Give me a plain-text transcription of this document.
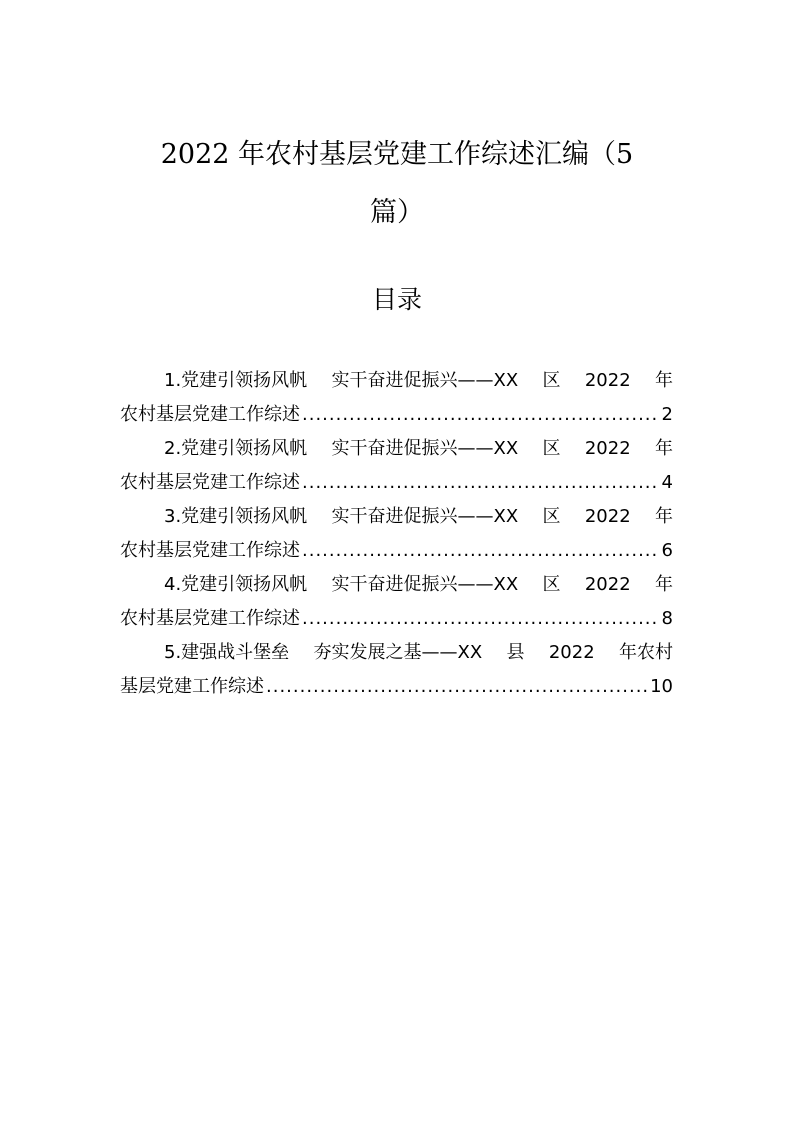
2022 年农村基层党建工作综述汇编（5
篇）
目录
1.党建引领扬风帆 实干奋进促振兴——XX 区 2022 年
农村基层党建工作综述 .....	2
2.党建引领扬风帆 实干奋进促振兴——XX 区 2022 年
农村基层党建工作综述 .....	4
3.党建引领扬风帆 实干奋进促振兴——XX 区 2022 年
农村基层党建工作综述 .....	6
4.党建引领扬风帆 实干奋进促振兴——XX 区 2022 年
农村基层党建工作综述 .....	8
5.建强战斗堡垒 夯实发展之基——XX 县 2022 年农村
基层党建工作综述 .....	10
